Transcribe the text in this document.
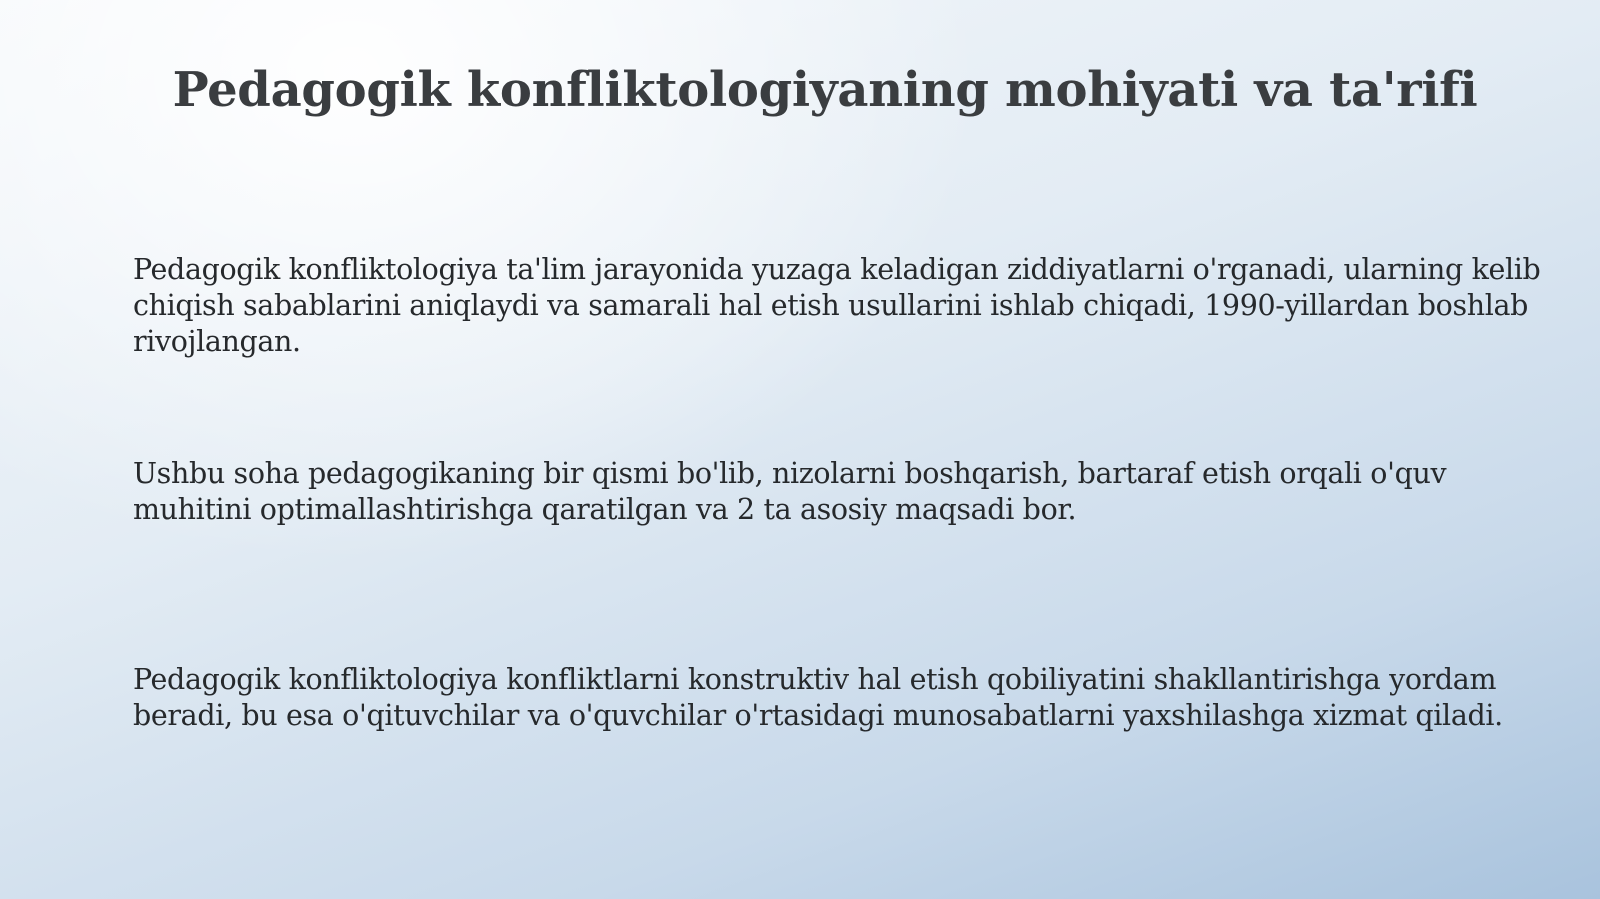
Pedagogik konfliktologiyaning mohiyati va ta'rifi

Pedagogik konfliktologiya ta'lim jarayonida yuzaga keladigan ziddiyatlarni o'rganadi, ularning kelib chiqish sabablarini aniqlaydi va samarali hal etish usullarini ishlab chiqadi, 1990-yillardan boshlab rivojlangan.

Ushbu soha pedagogikaning bir qismi bo'lib, nizolarni boshqarish, bartaraf etish orqali o'quv muhitini optimallashtirishga qaratilgan va 2 ta asosiy maqsadi bor.

Pedagogik konfliktologiya konfliktlarni konstruktiv hal etish qobiliyatini shakllantirishga yordam beradi, bu esa o'qituvchilar va o'quvchilar o'rtasidagi munosabatlarni yaxshilashga xizmat qiladi.
